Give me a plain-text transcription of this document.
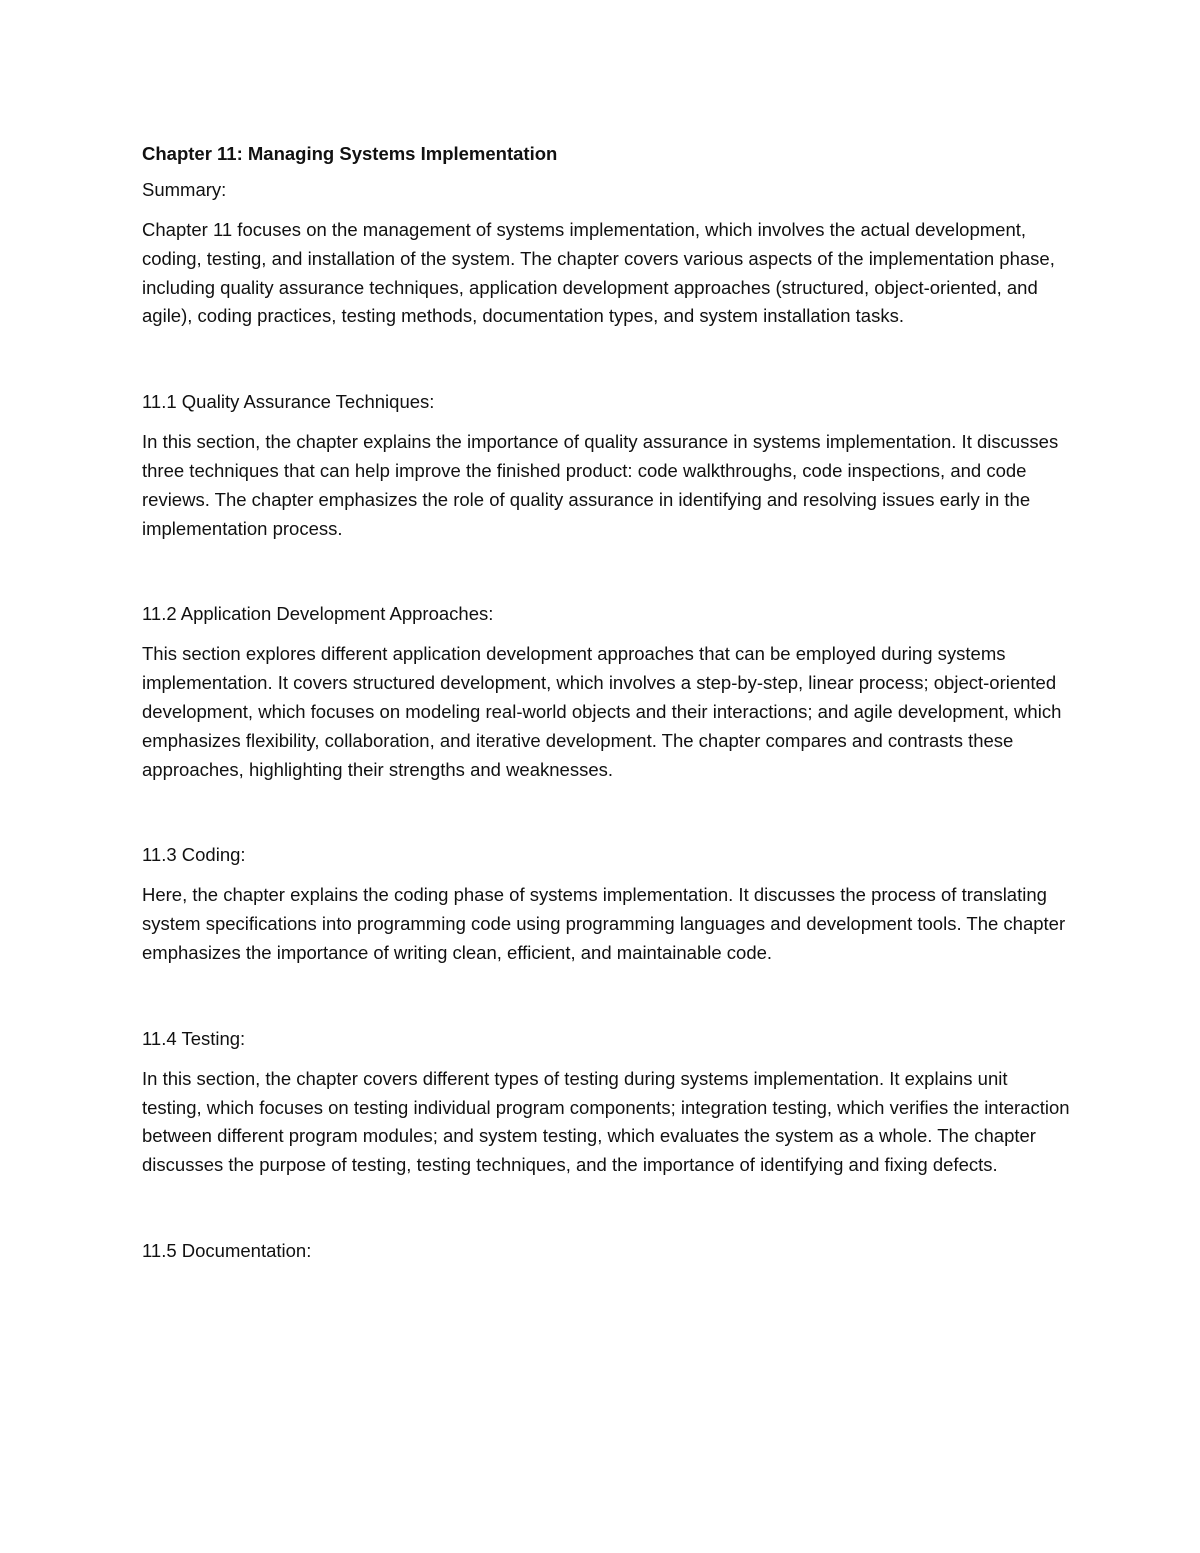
Chapter 11: Managing Systems Implementation
Summary:

Chapter 11 focuses on the management of systems implementation, which involves the actual development, coding, testing, and installation of the system. The chapter covers various aspects of the implementation phase, including quality assurance techniques, application development approaches (structured, object-oriented, and agile), coding practices, testing methods, documentation types, and system installation tasks.

11.1 Quality Assurance Techniques:

In this section, the chapter explains the importance of quality assurance in systems implementation. It discusses three techniques that can help improve the finished product: code walkthroughs, code inspections, and code reviews. The chapter emphasizes the role of quality assurance in identifying and resolving issues early in the implementation process.

11.2 Application Development Approaches:

This section explores different application development approaches that can be employed during systems implementation. It covers structured development, which involves a step-by-step, linear process; object-oriented development, which focuses on modeling real-world objects and their interactions; and agile development, which emphasizes flexibility, collaboration, and iterative development. The chapter compares and contrasts these approaches, highlighting their strengths and weaknesses.

11.3 Coding:

Here, the chapter explains the coding phase of systems implementation. It discusses the process of translating system specifications into programming code using programming languages and development tools. The chapter emphasizes the importance of writing clean, efficient, and maintainable code.

11.4 Testing:

In this section, the chapter covers different types of testing during systems implementation. It explains unit testing, which focuses on testing individual program components; integration testing, which verifies the interaction between different program modules; and system testing, which evaluates the system as a whole. The chapter discusses the purpose of testing, testing techniques, and the importance of identifying and fixing defects.

11.5 Documentation:
